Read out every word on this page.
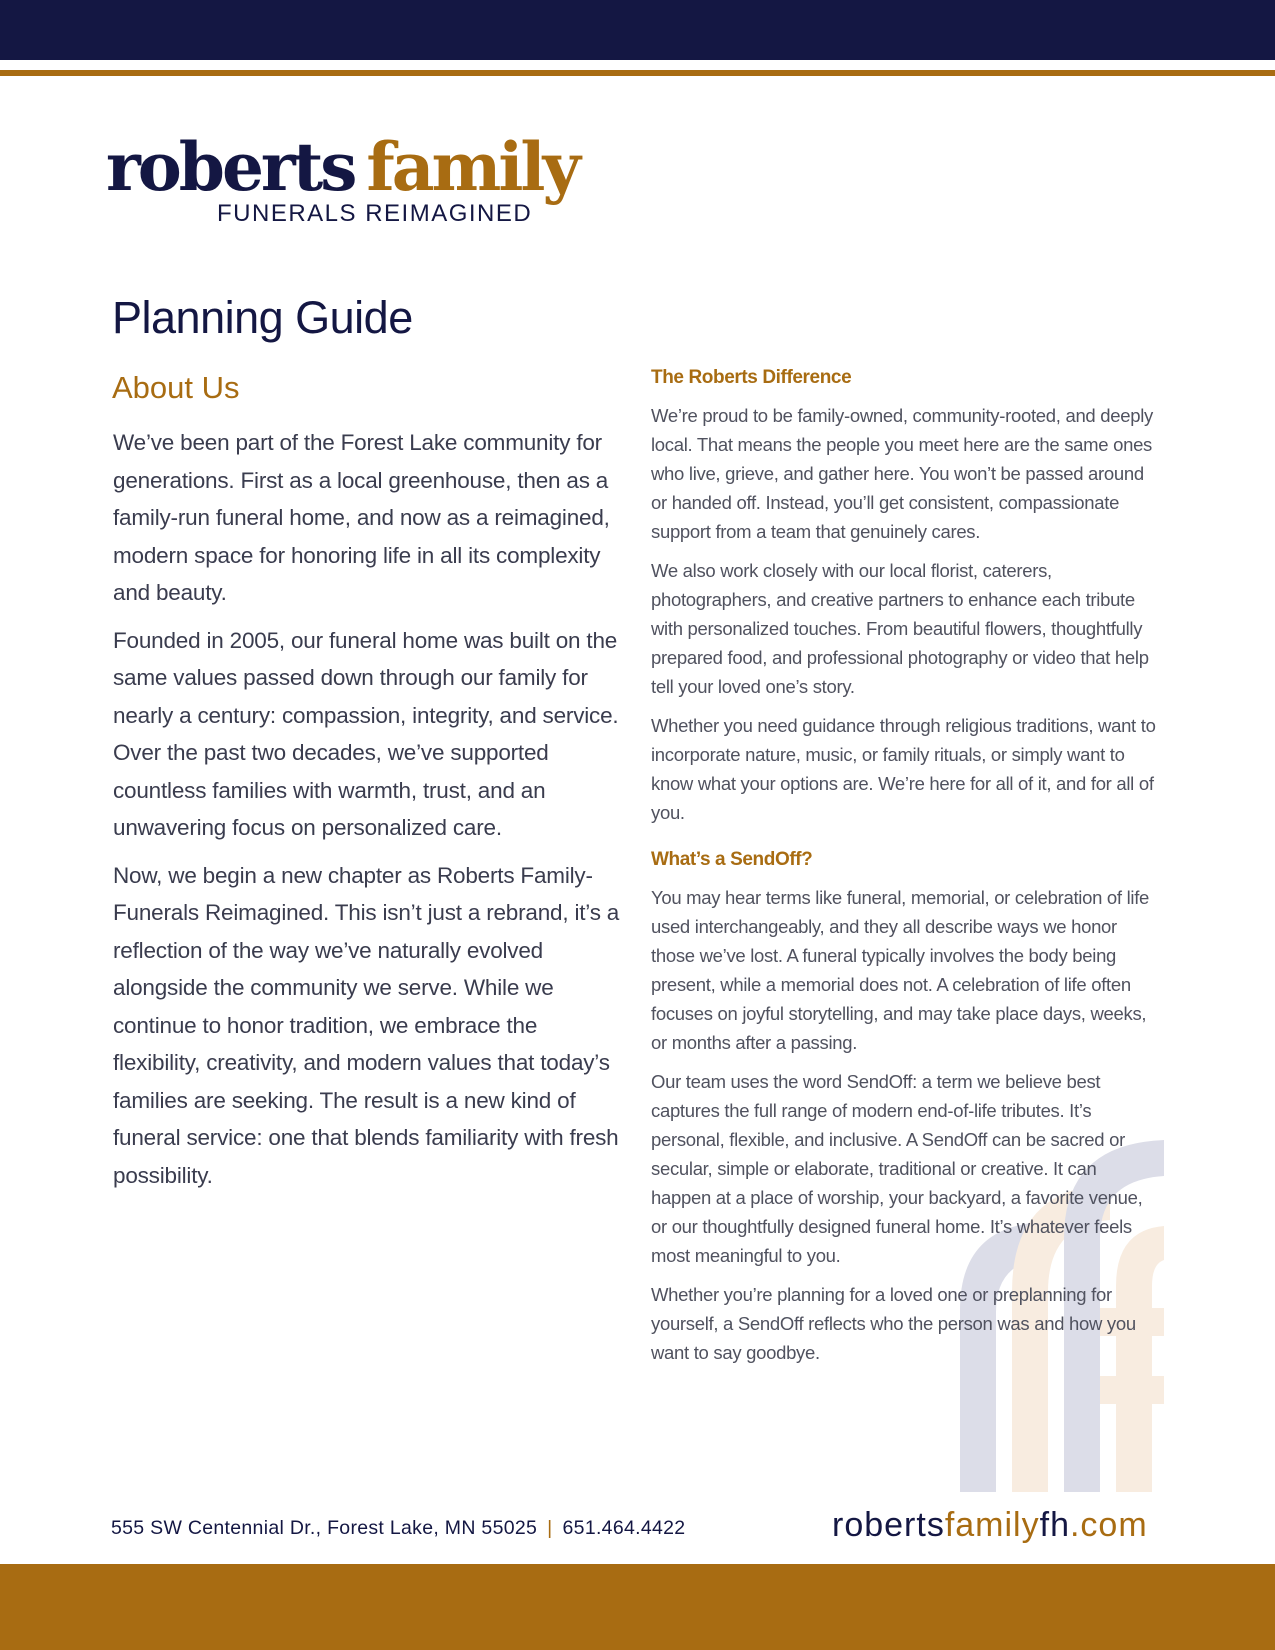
roberts family
FUNERALS REIMAGINED
Planning Guide
About Us

We’ve been part of the Forest Lake community for generations. First as a local greenhouse, then as a family-run funeral home, and now as a reimagined, modern space for honoring life in all its complexity and beauty.

Founded in 2005, our funeral home was built on the same values passed down through our family for nearly a century: compassion, integrity, and service. Over the past two decades, we’ve supported countless families with warmth, trust, and an unwavering focus on personalized care.

Now, we begin a new chapter as Roberts Family-Funerals Reimagined. This isn’t just a rebrand, it’s a reflection of the way we’ve naturally evolved alongside the community we serve. While we continue to honor tradition, we embrace the flexibility, creativity, and modern values that today’s families are seeking. The result is a new kind of funeral service: one that blends familiarity with fresh possibility.

The Roberts Difference

We’re proud to be family-owned, community-rooted, and deeply local. That means the people you meet here are the same ones who live, grieve, and gather here. You won’t be passed around or handed off. Instead, you’ll get consistent, compassionate support from a team that genuinely cares.

We also work closely with our local florist, caterers, photographers, and creative partners to enhance each tribute with personalized touches. From beautiful flowers, thoughtfully prepared food, and professional photography or video that help tell your loved one’s story.

Whether you need guidance through religious traditions, want to incorporate nature, music, or family rituals, or simply want to know what your options are. We’re here for all of it, and for all of you.

What’s a SendOff?

You may hear terms like funeral, memorial, or celebration of life used interchangeably, and they all describe ways we honor those we’ve lost. A funeral typically involves the body being present, while a memorial does not. A celebration of life often focuses on joyful storytelling, and may take place days, weeks, or months after a passing.

Our team uses the word SendOff: a term we believe best captures the full range of modern end-of-life tributes. It’s personal, flexible, and inclusive. A SendOff can be sacred or secular, simple or elaborate, traditional or creative. It can happen at a place of worship, your backyard, a favorite venue, or our thoughtfully designed funeral home. It’s whatever feels most meaningful to you.

Whether you’re planning for a loved one or preplanning for yourself, a SendOff reflects who the person was and how you want to say goodbye.

555 SW Centennial Dr., Forest Lake, MN 55025 | 651.464.4422	robertsfamilyfh.com
